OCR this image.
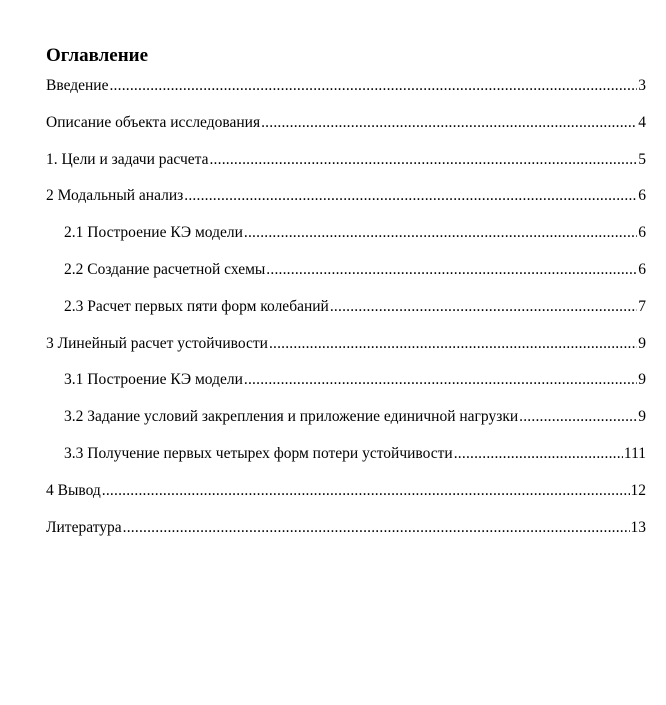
Оглавление
Введение .....	3
Описание объекта исследования .....	4
1. Цели и задачи расчета .....	5
2 Модальный анализ .....	6
2.1 Построение КЭ модели .....	6
2.2 Создание расчетной схемы .....	6
2.3 Расчет первых пяти форм колебаний .....	7
3 Линейный расчет устойчивости .....	9
3.1 Построение КЭ модели .....	9
3.2 Задание условий закрепления и приложение единичной нагрузки .....	9
3.3 Получение первых четырех форм потери устойчивости .....	111
4 Вывод .....	12
Литература .....	13
